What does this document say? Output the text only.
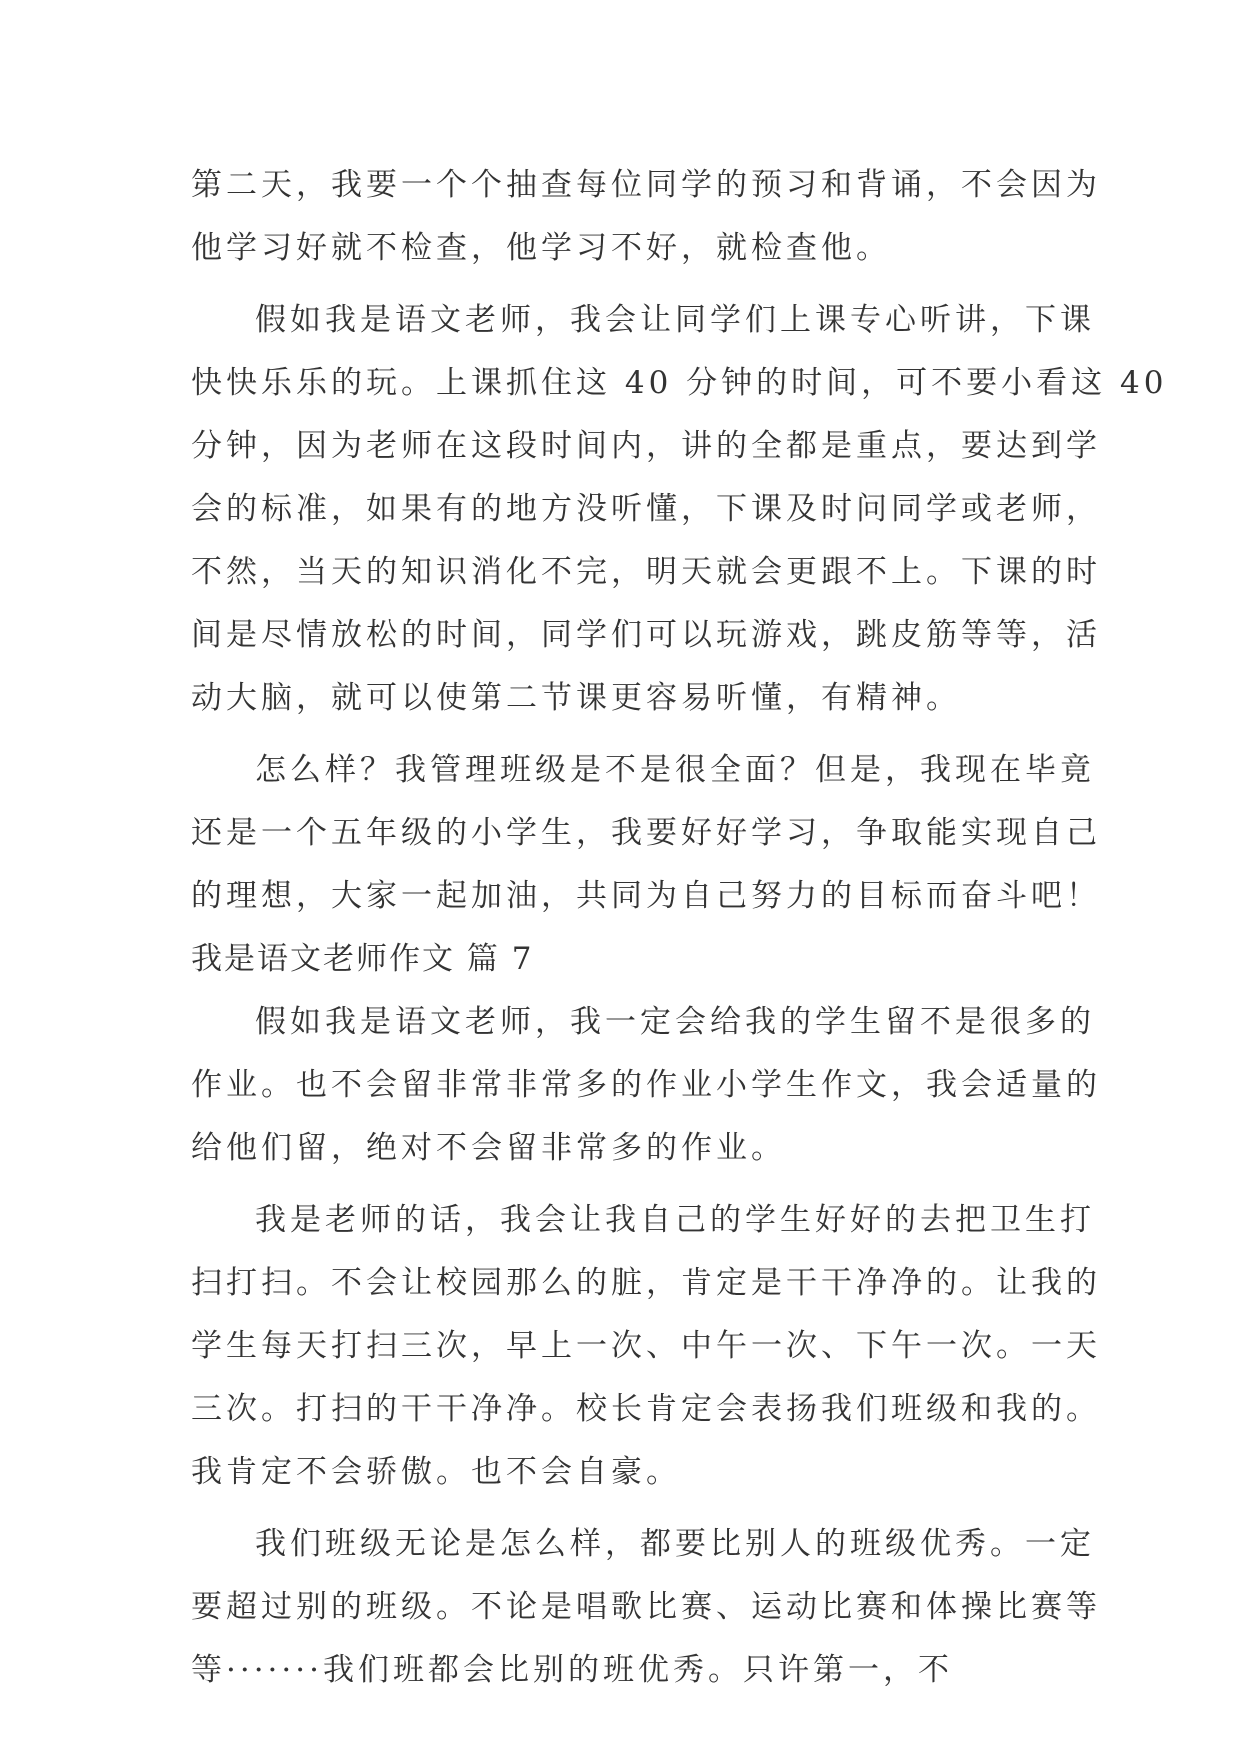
第二天，我要一个个抽查每位同学的预习和背诵，不会因为
他学习好就不检查，他学习不好，就检查他。
假如我是语文老师，我会让同学们上课专心听讲，下课
快快乐乐的玩。上课抓住这 40 分钟的时间，可不要小看这 40
分钟，因为老师在这段时间内，讲的全都是重点，要达到学
会的标准，如果有的地方没听懂，下课及时问同学或老师，
不然，当天的知识消化不完，明天就会更跟不上。下课的时
间是尽情放松的时间，同学们可以玩游戏，跳皮筋等等，活
动大脑，就可以使第二节课更容易听懂，有精神。
怎么样？我管理班级是不是很全面？但是，我现在毕竟
还是一个五年级的小学生，我要好好学习，争取能实现自己
的理想，大家一起加油，共同为自己努力的目标而奋斗吧！
我是语文老师作文 篇 7
假如我是语文老师，我一定会给我的学生留不是很多的
作业。也不会留非常非常多的作业小学生作文，我会适量的
给他们留，绝对不会留非常多的作业。
我是老师的话，我会让我自己的学生好好的去把卫生打
扫打扫。不会让校园那么的脏，肯定是干干净净的。让我的
学生每天打扫三次，早上一次、中午一次、下午一次。一天
三次。打扫的干干净净。校长肯定会表扬我们班级和我的。
我肯定不会骄傲。也不会自豪。
我们班级无论是怎么样，都要比别人的班级优秀。一定
要超过别的班级。不论是唱歌比赛、运动比赛和体操比赛等
等·······我们班都会比别的班优秀。只许第一，不
